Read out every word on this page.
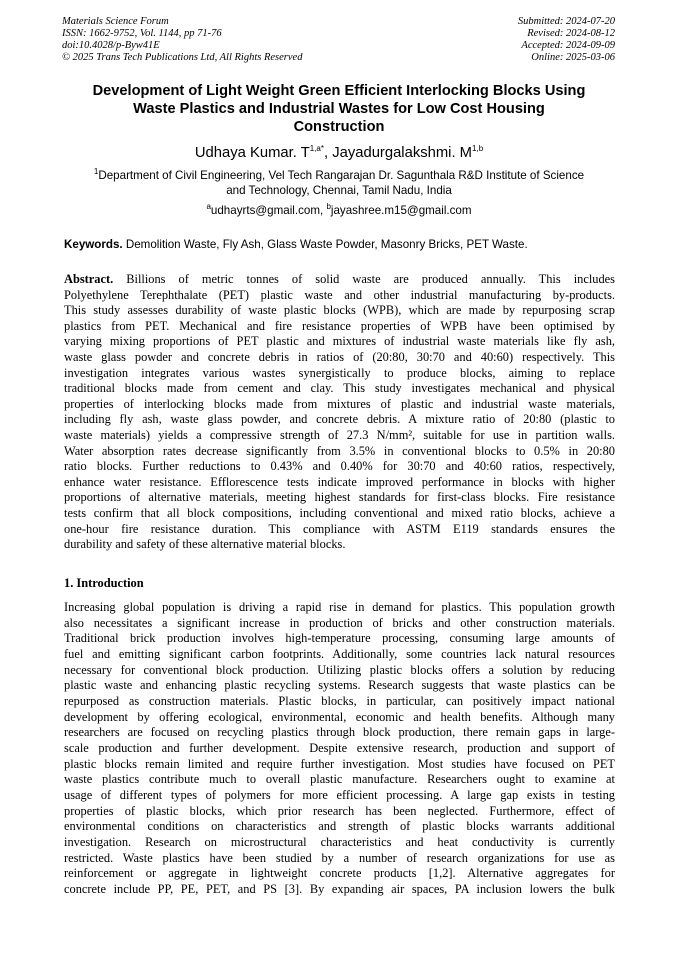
Materials Science Forum
ISSN: 1662-9752, Vol. 1144, pp 71-76
doi:10.4028/p-Byw41E
© 2025 Trans Tech Publications Ltd, All Rights Reserved
Submitted: 2024-07-20
Revised: 2024-08-12
Accepted: 2024-09-09
Online: 2025-03-06
Development of Light Weight Green Efficient Interlocking Blocks Using
Waste Plastics and Industrial Wastes for Low Cost Housing
Construction
Udhaya Kumar. $T^{1,a*}$, Jayadurgalakshmi. M$^{1,b}$
$^1$Department of Civil Engineering, Vel Tech Rangarajan Dr. Sagunthala R&D Institute of Science
and Technology, Chennai, Tamil Nadu, India
$^a$udhayrts@gmail.com, $^b$jayashree.m15@gmail.com
Keywords. Demolition Waste, Fly Ash, Glass Waste Powder, Masonry Bricks, PET Waste.
Abstract. Billions of metric tonnes of solid waste are produced annually. This includes
Polyethylene Terephthalate (PET) plastic waste and other industrial manufacturing by-products.
This study assesses durability of waste plastic blocks (WPB), which are made by repurposing scrap
plastics from PET. Mechanical and fire resistance properties of WPB have been optimised by
varying mixing proportions of PET plastic and mixtures of industrial waste materials like fly ash,
waste glass powder and concrete debris in ratios of (20:80, 30:70 and 40:60) respectively. This
investigation integrates various wastes synergistically to produce blocks, aiming to replace
traditional blocks made from cement and clay. This study investigates mechanical and physical
properties of interlocking blocks made from mixtures of plastic and industrial waste materials,
including fly ash, waste glass powder, and concrete debris. A mixture ratio of 20:80 (plastic to
waste materials) yields a compressive strength of 27.3 N/mm², suitable for use in partition walls.
Water absorption rates decrease significantly from 3.5% in conventional blocks to 0.5% in 20:80
ratio blocks. Further reductions to 0.43% and 0.40% for 30:70 and 40:60 ratios, respectively,
enhance water resistance. Efflorescence tests indicate improved performance in blocks with higher
proportions of alternative materials, meeting highest standards for first-class blocks. Fire resistance
tests confirm that all block compositions, including conventional and mixed ratio blocks, achieve a
one-hour fire resistance duration. This compliance with ASTM E119 standards ensures the
durability and safety of these alternative material blocks.
1. Introduction
Increasing global population is driving a rapid rise in demand for plastics. This population growth
also necessitates a significant increase in production of bricks and other construction materials.
Traditional brick production involves high-temperature processing, consuming large amounts of
fuel and emitting significant carbon footprints. Additionally, some countries lack natural resources
necessary for conventional block production. Utilizing plastic blocks offers a solution by reducing
plastic waste and enhancing plastic recycling systems. Research suggests that waste plastics can be
repurposed as construction materials. Plastic blocks, in particular, can positively impact national
development by offering ecological, environmental, economic and health benefits. Although many
researchers are focused on recycling plastics through block production, there remain gaps in large-
scale production and further development. Despite extensive research, production and support of
plastic blocks remain limited and require further investigation. Most studies have focused on PET
waste plastics contribute much to overall plastic manufacture. Researchers ought to examine at
usage of different types of polymers for more efficient processing. A large gap exists in testing
properties of plastic blocks, which prior research has been neglected. Furthermore, effect of
environmental conditions on characteristics and strength of plastic blocks warrants additional
investigation. Research on microstructural characteristics and heat conductivity is currently
restricted. Waste plastics have been studied by a number of research organizations for use as
reinforcement or aggregate in lightweight concrete products [1,2]. Alternative aggregates for
concrete include PP, PE, PET, and PS [3]. By expanding air spaces, PA inclusion lowers the bulk
